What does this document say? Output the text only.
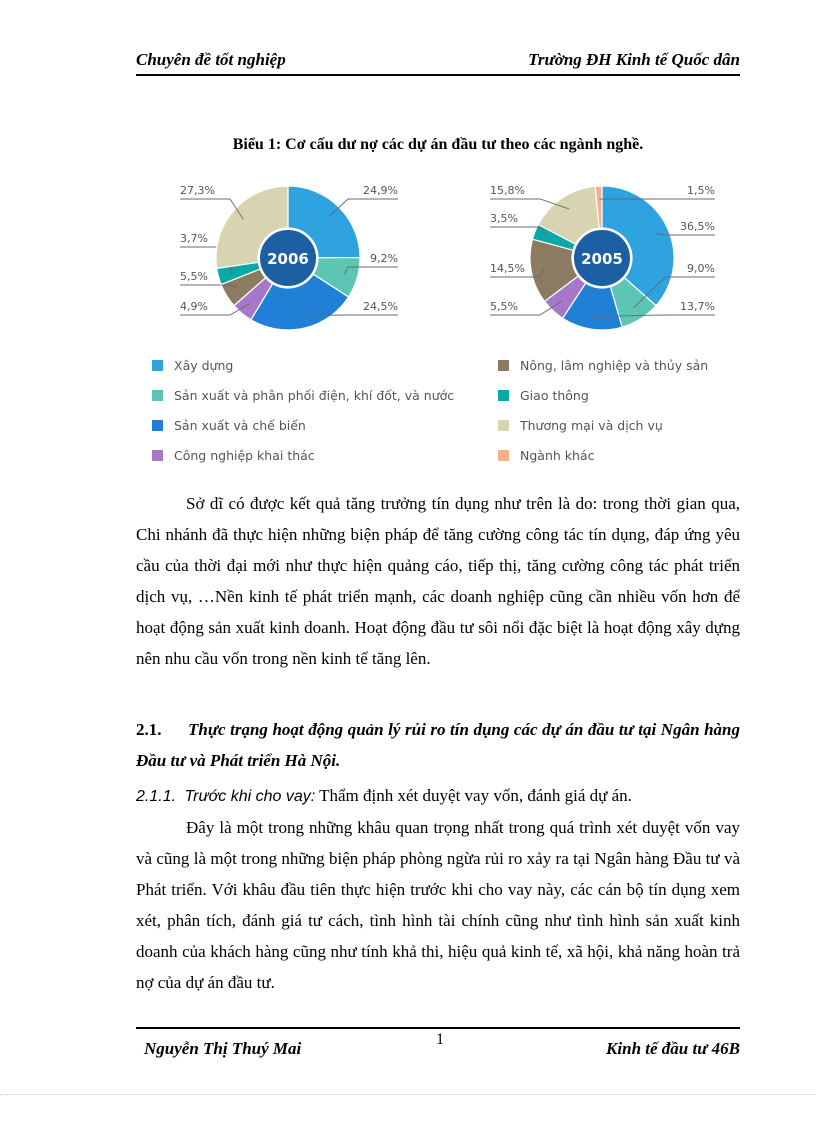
Chuyên đề tốt nghiệp	Trường ĐH Kinh tế Quốc dân
Biểu 1: Cơ cấu dư nợ các dự án đầu tư theo các ngành nghề.
24,9%
9,2%
24,5%
4,9%
5,5%
3,7%
27,3%
2006
36,5%
9,0%
13,7%
5,5%
14,5%
3,5%
15,8%	1,5%
2005
Xây dựng
Sản xuất và phân phối điện, khí đốt, và nước
Sản xuất và chế biến
Công nghiệp khai thác
Nông, lâm nghiệp và thủy sản
Giao thông
Thương mại và dịch vụ
Ngành khác

Sở dĩ có được kết quả tăng trưởng tín dụng như trên là do: trong thời gian qua, Chi nhánh đã thực hiện những biện pháp để tăng cường công tác tín dụng, đáp ứng yêu cầu của thời đại mới như thực hiện quảng cáo, tiếp thị, tăng cường công tác phát triển dịch vụ, …Nền kinh tế phát triển mạnh, các doanh nghiệp cũng cần nhiều vốn hơn để hoạt động sản xuất kinh doanh. Hoạt động đầu tư sôi nổi đặc biệt là hoạt động xây dựng nên nhu cầu vốn trong nền kinh tế tăng lên.

2.1. Thực trạng hoạt động quản lý rủi ro tín dụng các dự án đầu tư tại Ngân hàng Đầu tư và Phát triển Hà Nội.

2.1.1. Trước khi cho vay: Thẩm định xét duyệt vay vốn, đánh giá dự án.

Đây là một trong những khâu quan trọng nhất trong quá trình xét duyệt vốn vay và cũng là một trong những biện pháp phòng ngừa rủi ro xảy ra tại Ngân hàng Đầu tư và Phát triển. Với khâu đầu tiên thực hiện trước khi cho vay này, các cán bộ tín dụng xem xét, phân tích, đánh giá tư cách, tình hình tài chính cũng như tình hình sản xuất kinh doanh của khách hàng cũng như tính khả thi, hiệu quả kinh tế, xã hội, khả năng hoàn trả nợ của dự án đầu tư.

Nguyễn Thị Thuý Mai	1	Kinh tế đầu tư 46B
